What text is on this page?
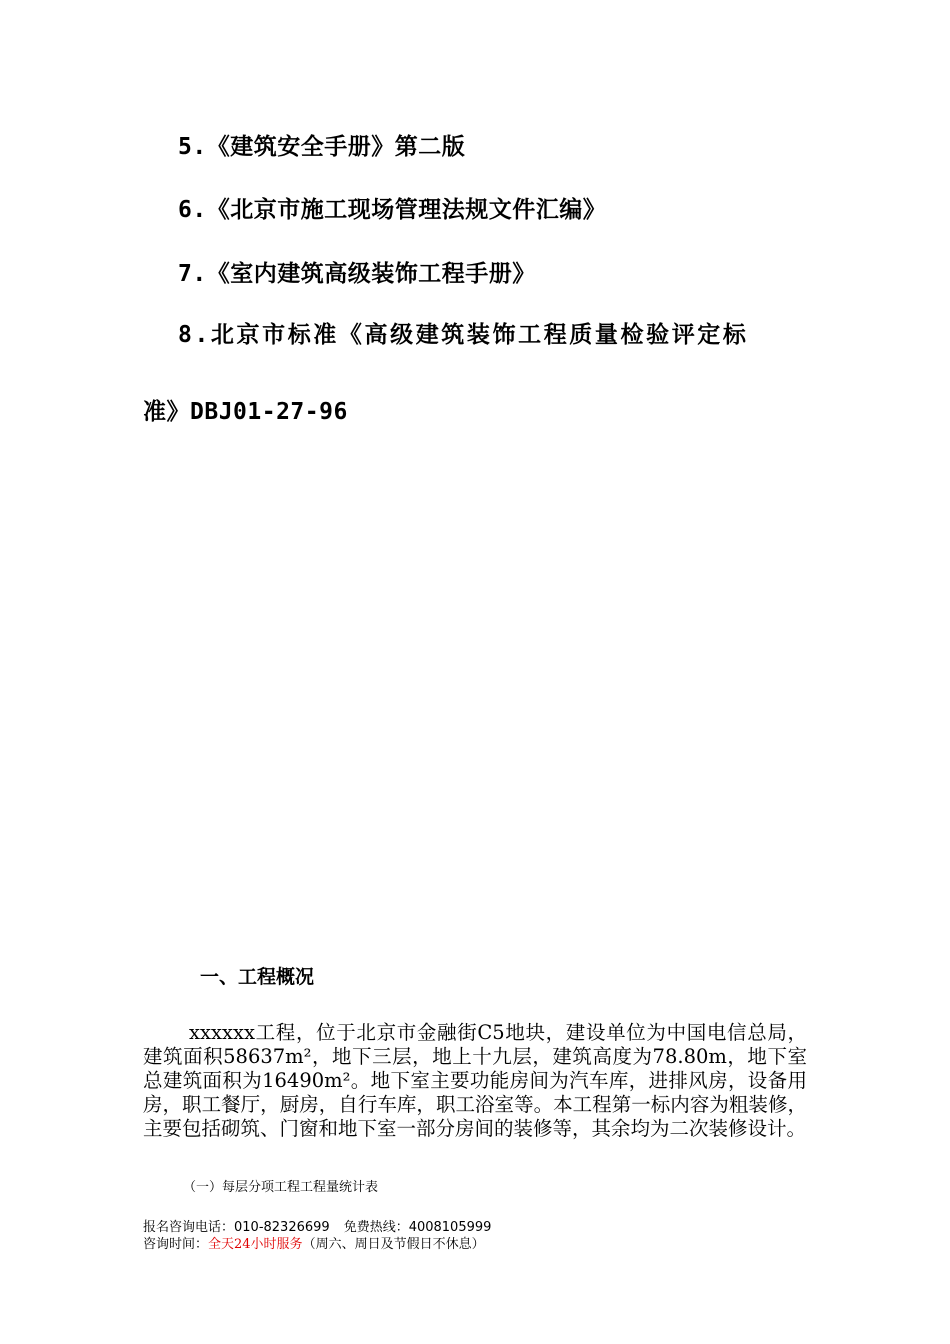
5.《建筑安全手册》第二版
6.《北京市施工现场管理法规文件汇编》
7.《室内建筑高级装饰工程手册》
8.北京市标准《高级建筑装饰工程质量检验评定标
准》DBJ01-27-96
一、工程概况

xxxxxx工程，位于北京市金融街C5地块，建设单位为中国电信总局，建筑面积58637m²，地下三层，地上十九层，建筑高度为78.80m，地下室总建筑面积为16490m²。地下室主要功能房间为汽车库，进排风房，设备用房，职工餐厅，厨房，自行车库，职工浴室等。本工程第一标内容为粗装修，主要包括砌筑、门窗和地下室一部分房间的装修等，其余均为二次装修设计。

（一）每层分项工程工程量统计表
报名咨询电话：010-82326699 免费热线：4008105999
咨询时间：全天24小时服务（周六、周日及节假日不休息）
